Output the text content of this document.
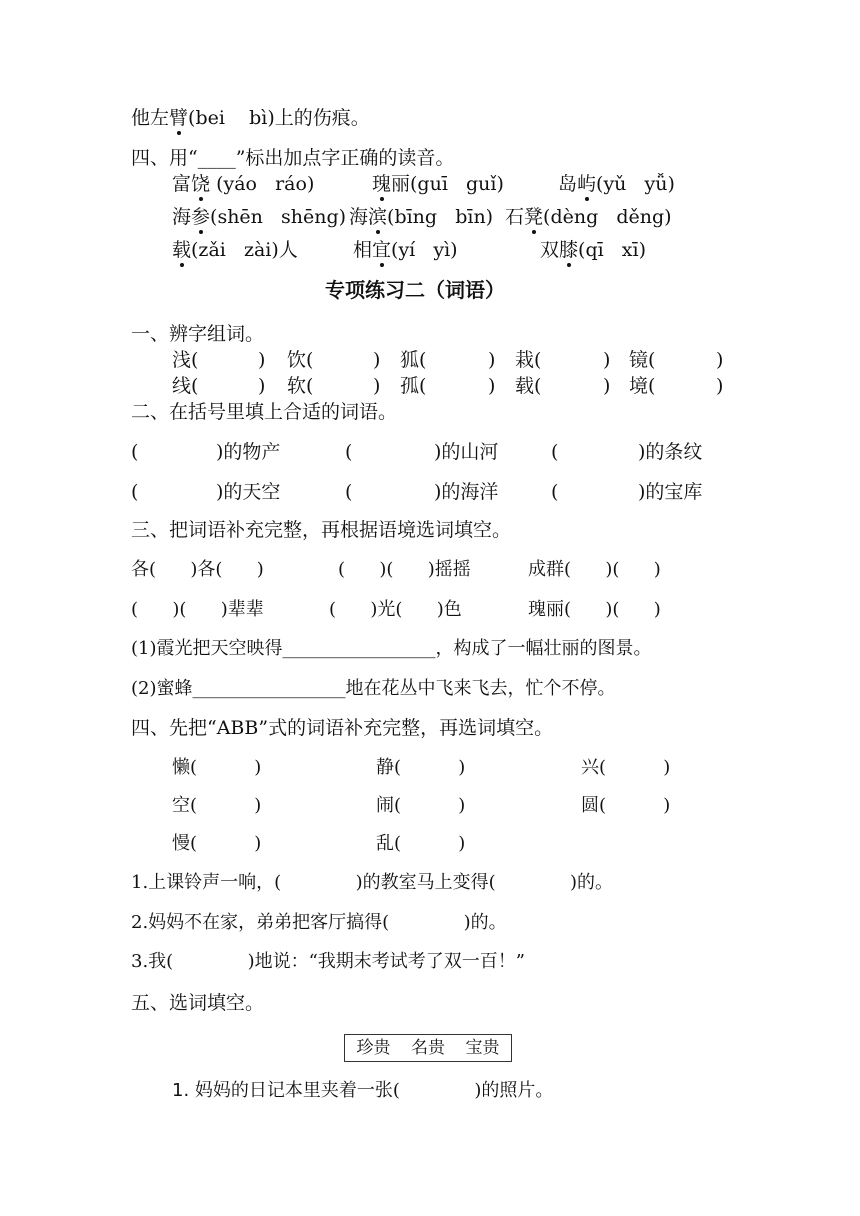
他左臂(bei    bì)上的伤痕。
四、用“____”标出加点字正确的读音。
富饶 (yáo   ráo)	瑰丽(guī   guǐ)	岛屿(yǔ   yǚ)
海参(shēn   shēng) 海滨(bīng   bīn) 石凳(dèng   děng)
载(zǎi   zài)人	相宜(yí   yì)	双膝(qī   xī)
专项练习二（词语）
一、辨字组词。
浅(	) 饮(	) 狐(	) 栽(	) 镜(	)
线(	) 软(	) 孤(	) 载(	) 境(	)
二、在括号里填上合适的词语。
(	)的物产	(	)的山河	(	)的条纹
(	)的天空	(	)的海洋	(	)的宝库
三、把词语补充完整，再根据语境选词填空。
各(      )各(      )	(      )(      )摇摇	成群(      )(      )
(      )(      )辈辈	(      )光(      )色	瑰丽(      )(      )
(1)霞光把天空映得_________________，构成了一幅壮丽的图景。
(2)蜜蜂_________________地在花丛中飞来飞去，忙个不停。
四、先把“ABB”式的词语补充完整，再选词填空。
懒(          )	静(          )	兴(          )
空(          )	闹(          )	圆(          )
慢(          )	乱(          )
1.上课铃声一响，(             )的教室马上变得(             )的。
2.妈妈不在家，弟弟把客厅搞得(             )的。
3.我(             )地说：“我期末考试考了双一百！”
五、选词填空。
珍贵  名贵  宝贵
1. 妈妈的日记本里夹着一张(             )的照片。
